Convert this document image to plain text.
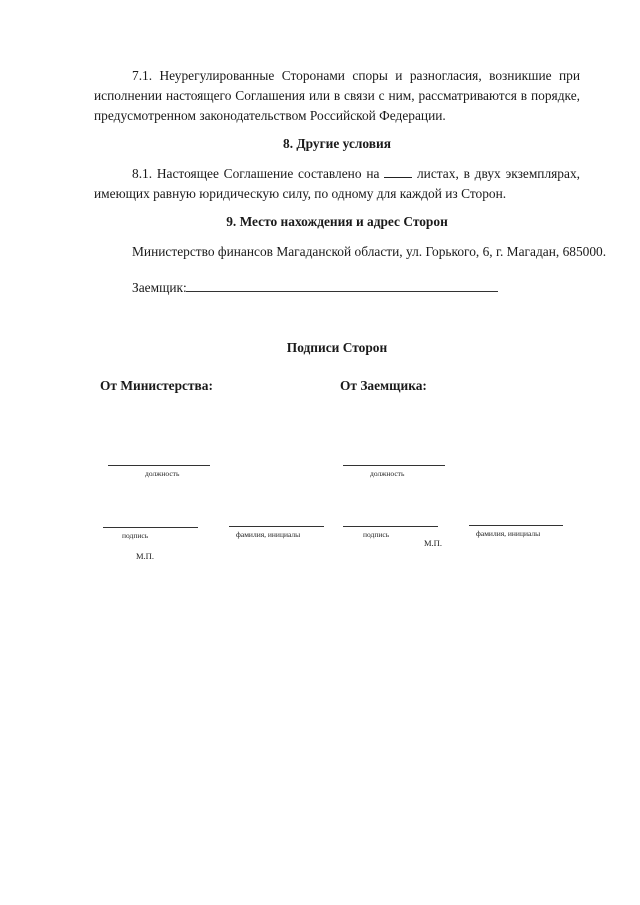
7.1. Неурегулированные Сторонами споры и разногласия, возникшие при исполнении настоящего Соглашения или в связи с ним, рассматриваются в порядке, предусмотренном законодательством Российской Федерации.
8. Другие условия
8.1. Настоящее Соглашение составлено на	листах, в двух экземплярах, имеющих равную юридическую силу, по одному для каждой из Сторон.
9. Место нахождения и адрес Сторон
Министерство финансов Магаданской области, ул. Горького, 6, г. Магадан, 685000.
Заемщик:
Подписи Сторон
От Министерства:	От Заемщика:
должность	должность
подпись	фамилия, инициалы
М.П.
подпись	фамилия, инициалы
М.П.
